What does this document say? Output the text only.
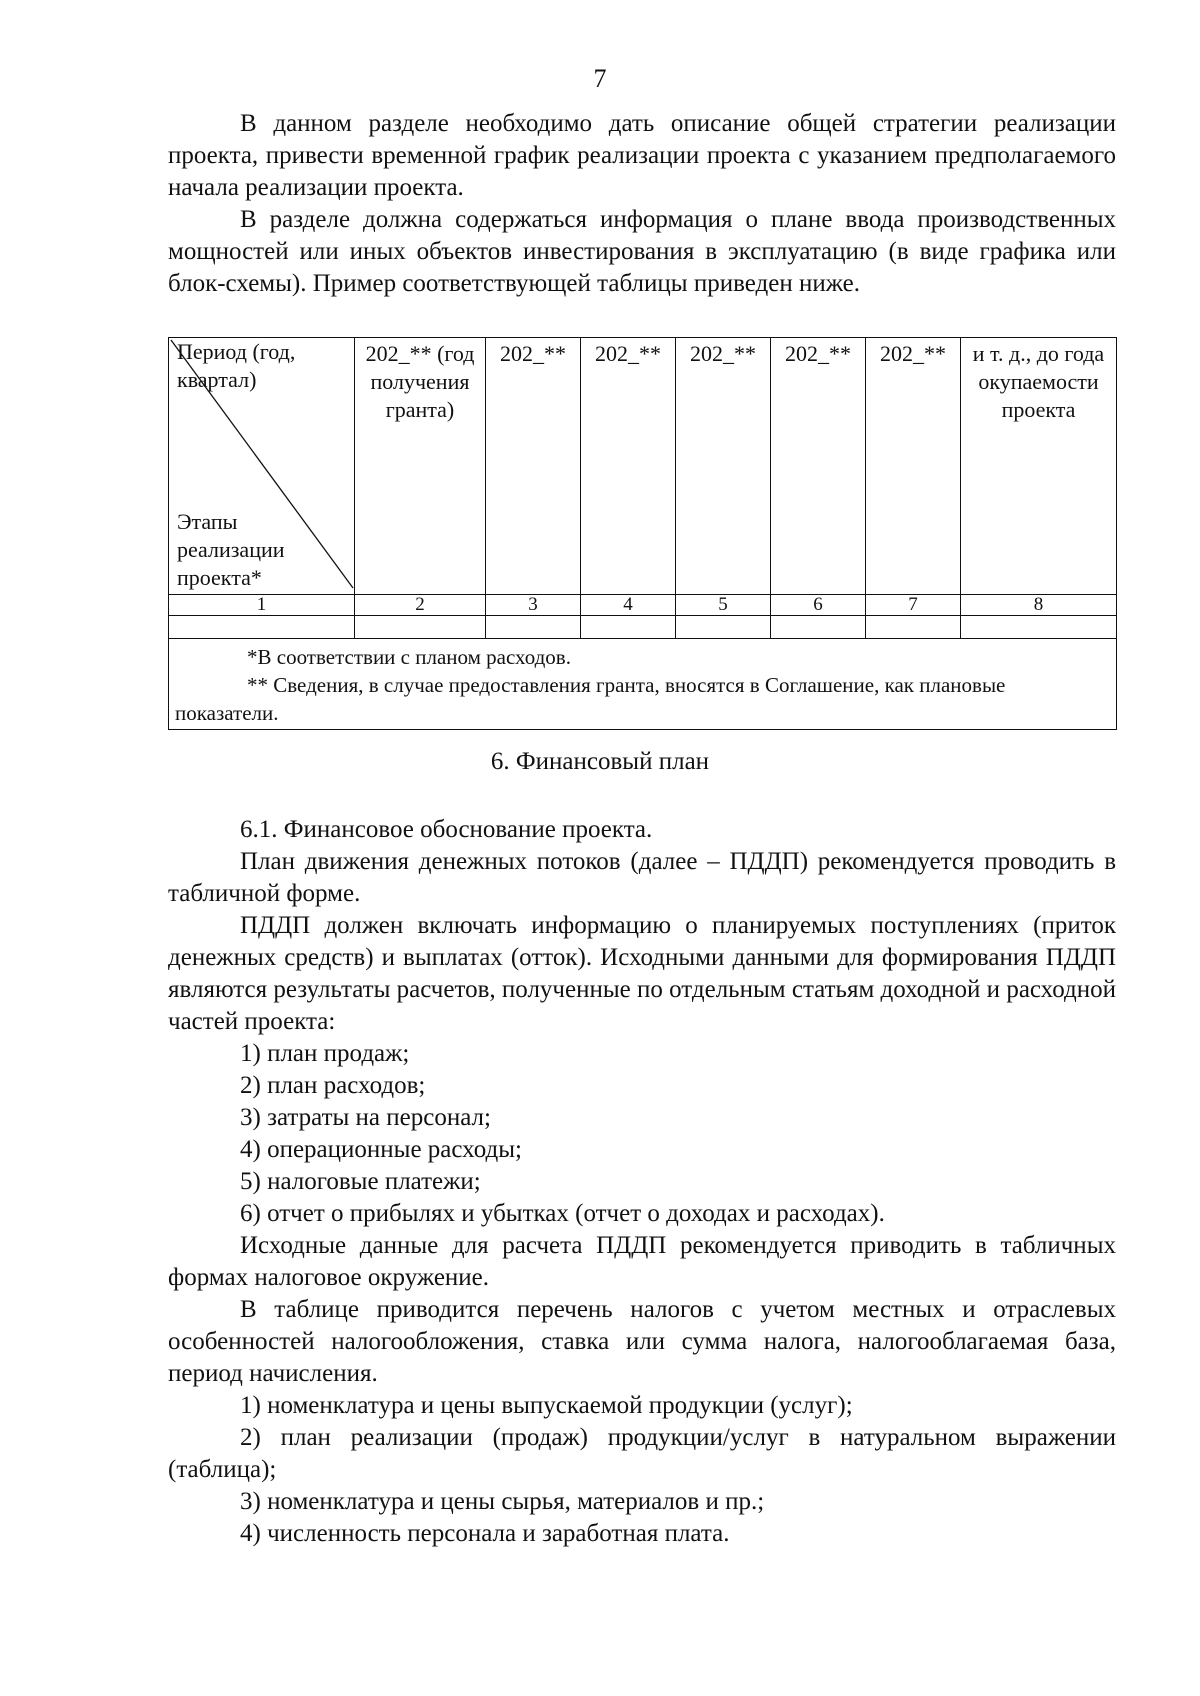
7

В данном разделе необходимо дать описание общей стратегии реализации проекта, привести временной график реализации проекта с указанием предполагаемого начала реализации проекта.

В разделе должна содержаться информация о плане ввода производственных мощностей или иных объектов инвестирования в эксплуатацию (в виде графика или блок-схемы). Пример соответствующей таблицы приведен ниже.

Период (год, квартал)
Этапы реализации проекта*	202_** (год получения гранта)	202_**	202_**	202_**	202_**	202_**	и т. д., до года окупаемости проекта
1	2	3	4	5	6	7	8

*В соответствии с планом расходов.
** Сведения, в случае предоставления гранта, вносятся в Соглашение, как плановые показатели.							
6. Финансовый план

6.1. Финансовое обоснование проекта.

План движения денежных потоков (далее – ПДДП) рекомендуется проводить в табличной форме.

ПДДП должен включать информацию о планируемых поступлениях (приток денежных средств) и выплатах (отток). Исходными данными для формирования ПДДП являются результаты расчетов, полученные по отдельным статьям доходной и расходной частей проекта:

1) план продаж;

2) план расходов;

3) затраты на персонал;

4) операционные расходы;

5) налоговые платежи;

6) отчет о прибылях и убытках (отчет о доходах и расходах).

Исходные данные для расчета ПДДП рекомендуется приводить в табличных формах налоговое окружение.

В таблице приводится перечень налогов с учетом местных и отраслевых особенностей налогообложения, ставка или сумма налога, налогооблагаемая база, период начисления.

1) номенклатура и цены выпускаемой продукции (услуг);

2) план реализации (продаж) продукции/услуг в натуральном выражении (таблица);

3) номенклатура и цены сырья, материалов и пр.;

4) численность персонала и заработная плата.
